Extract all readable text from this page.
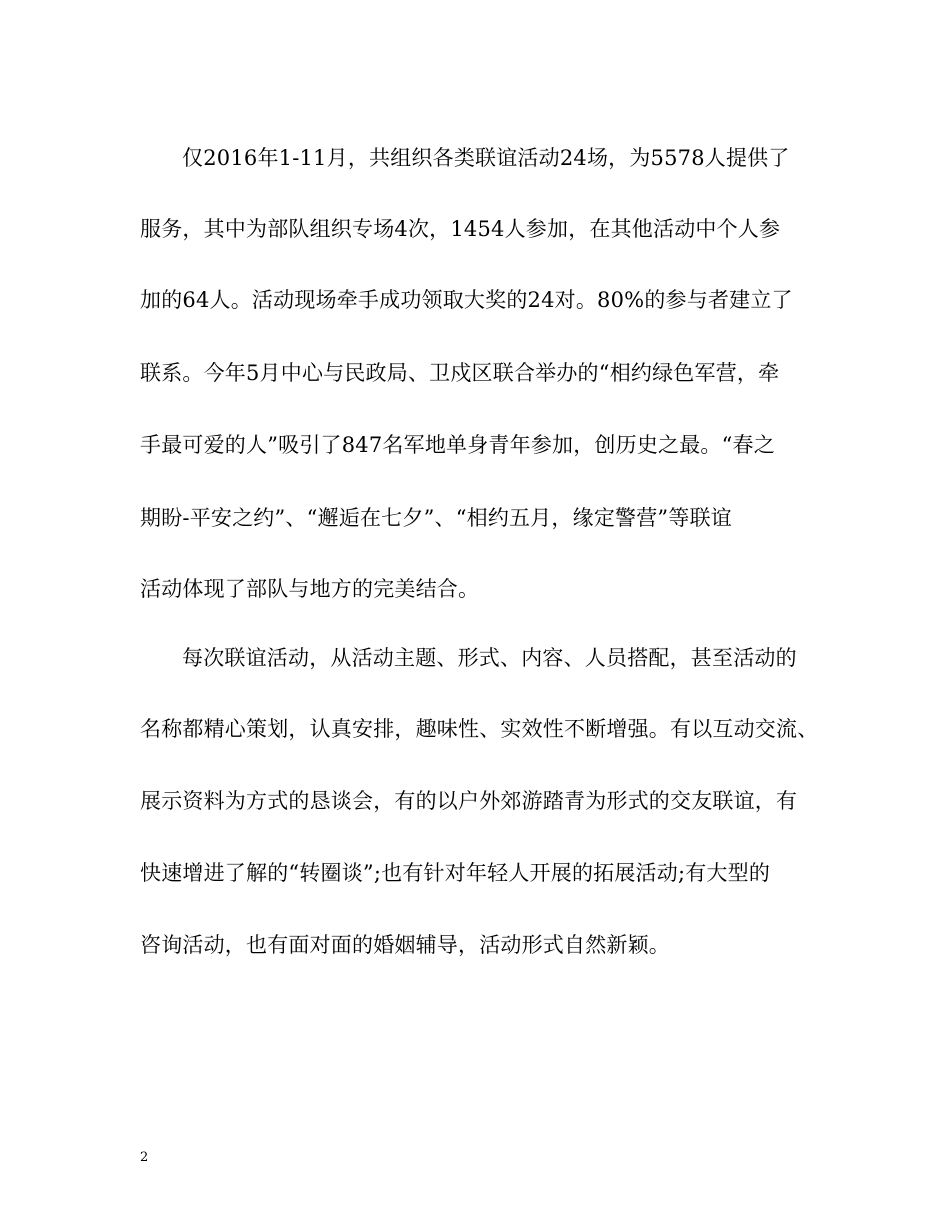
仅2016年1-11月，共组织各类联谊活动24场，为5578人提供了
服务，其中为部队组织专场4次，1454人参加，在其他活动中个人参
加的64人。活动现场牵手成功领取大奖的24对。80%的参与者建立了
联系。今年5月中心与民政局、卫戍区联合举办的“相约绿色军营，牵
手最可爱的人”吸引了847名军地单身青年参加，创历史之最。“春之
期盼-平安之约”、“邂逅在七夕”、“相约五月，缘定警营”等联谊
活动体现了部队与地方的完美结合。
每次联谊活动，从活动主题、形式、内容、人员搭配，甚至活动的
名称都精心策划，认真安排，趣味性、实效性不断增强。有以互动交流、
展示资料为方式的恳谈会，有的以户外郊游踏青为形式的交友联谊，有
快速增进了解的“转圈谈”;也有针对年轻人开展的拓展活动;有大型的
咨询活动，也有面对面的婚姻辅导，活动形式自然新颖。
2
